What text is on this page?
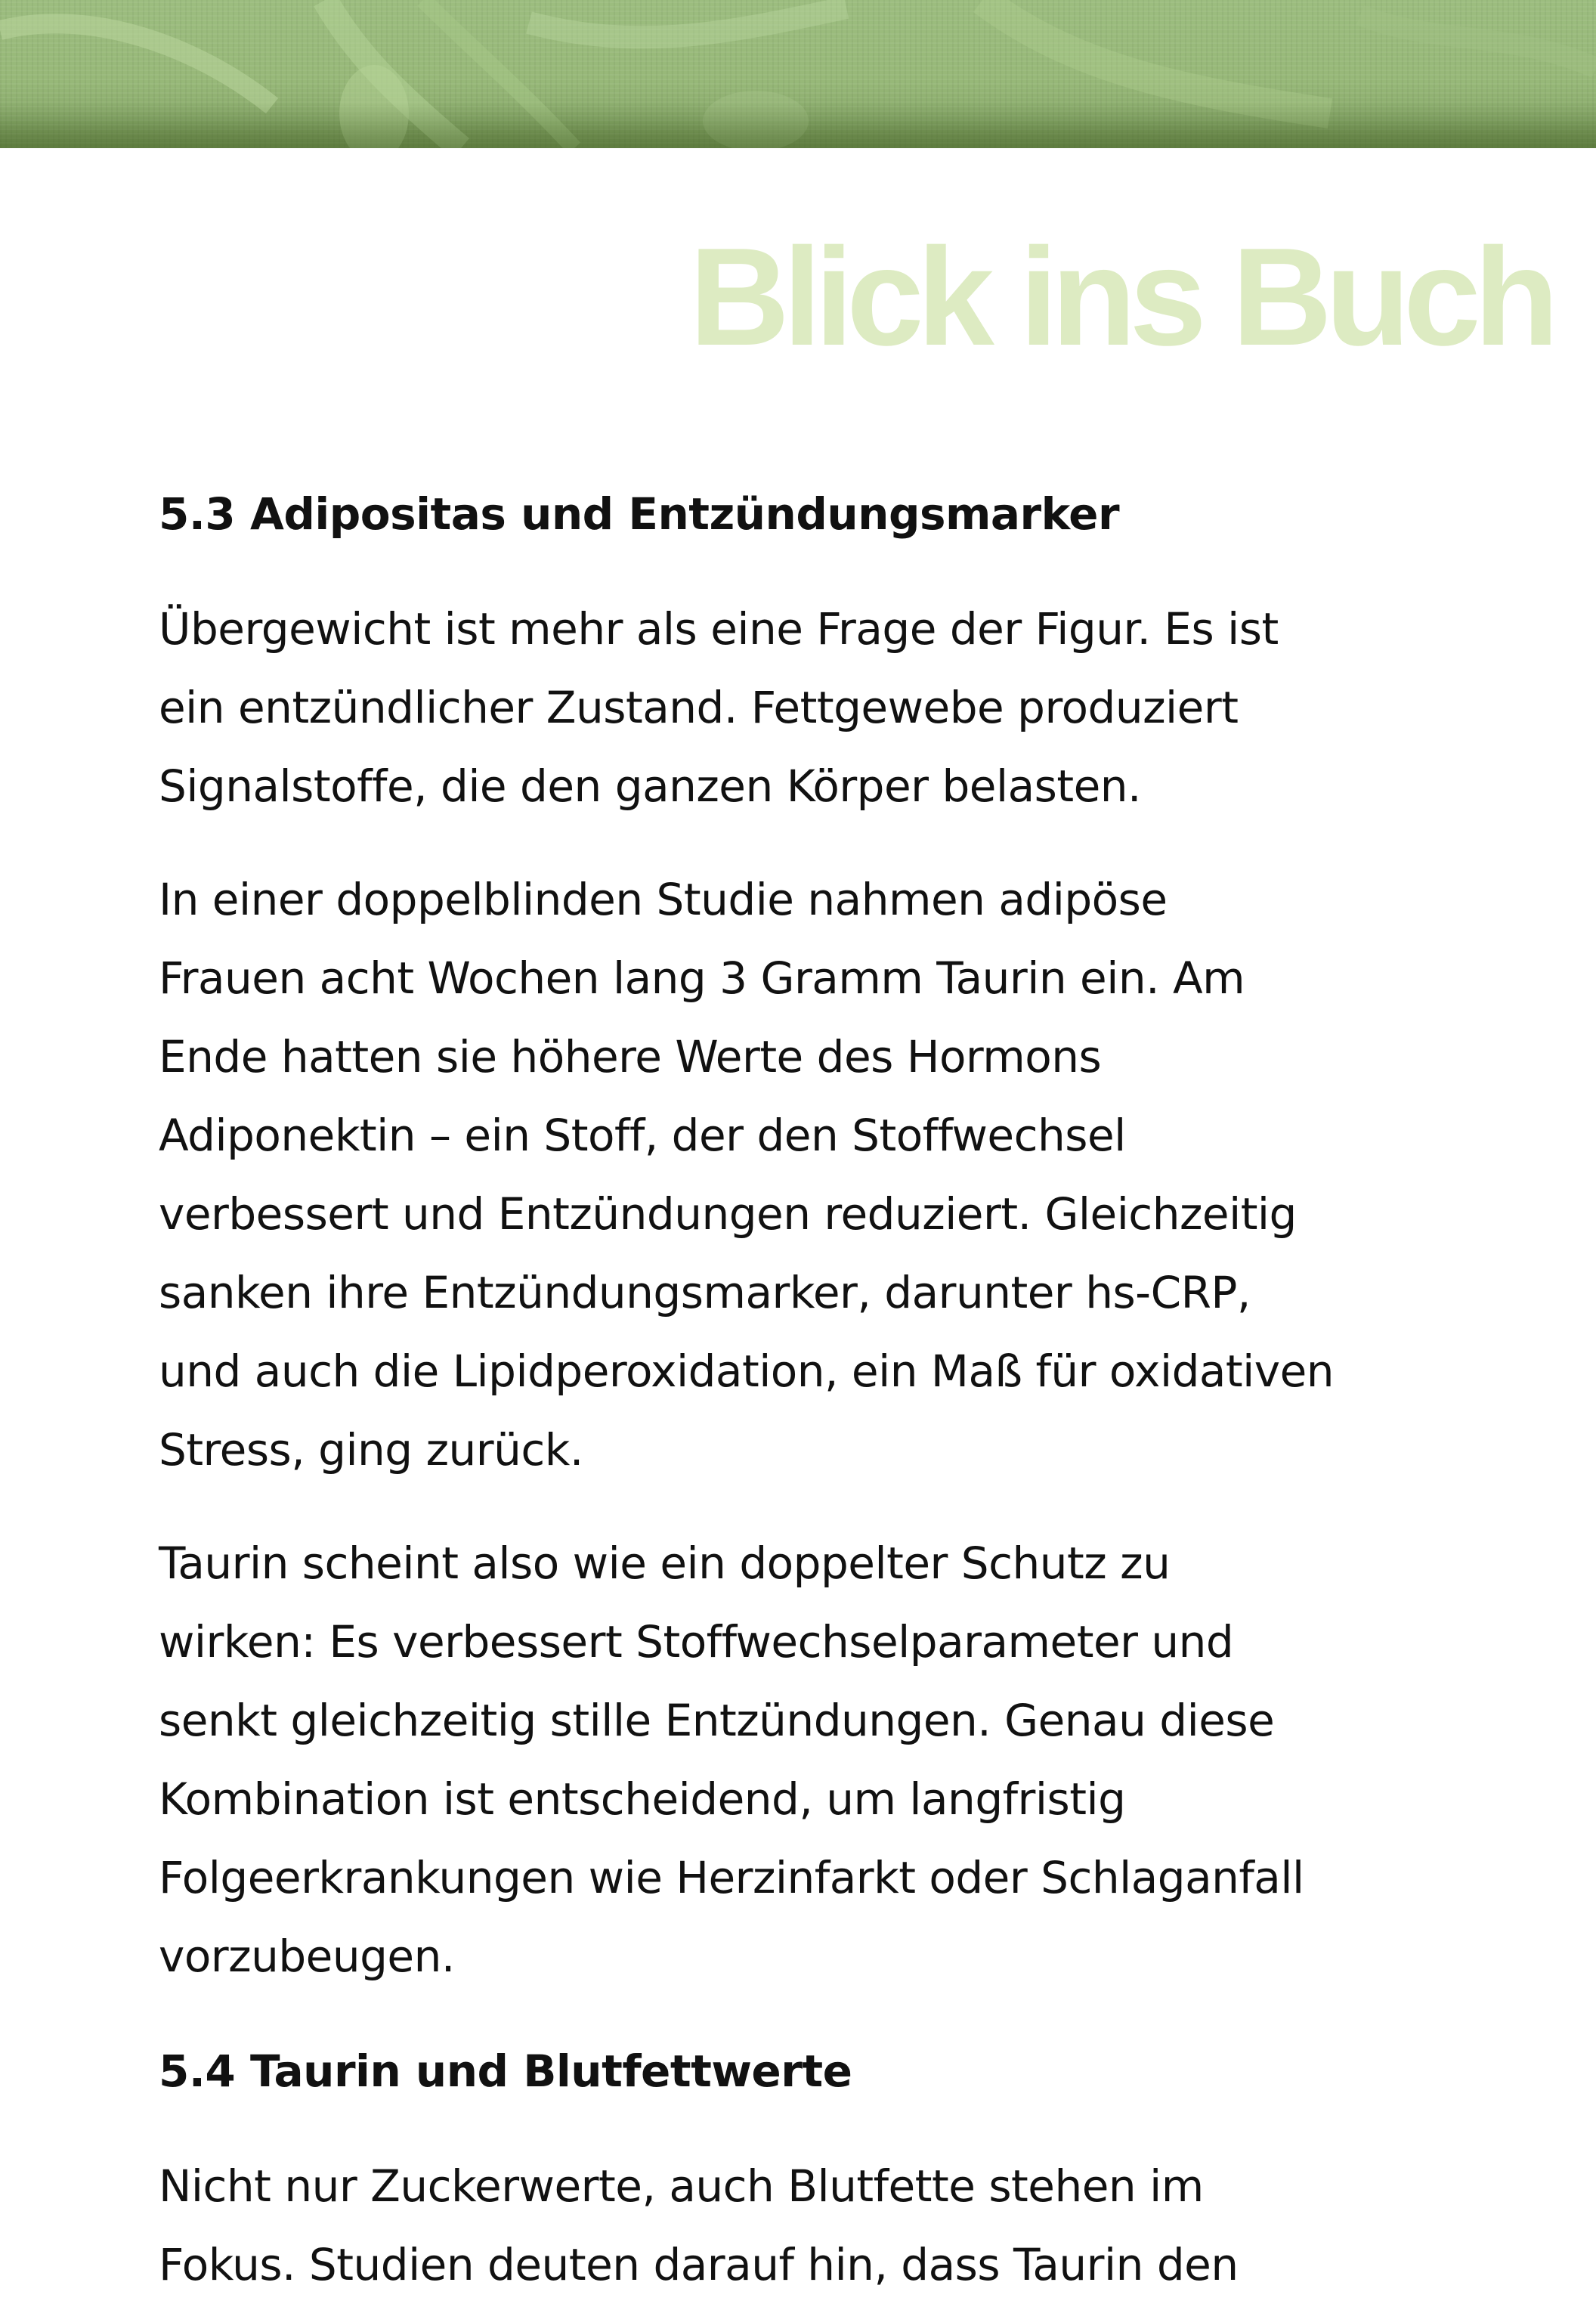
Blick ins Buch
5.3 Adipositas und Entzündungsmarker

Übergewicht ist mehr als eine Frage der Figur. Es ist
ein entzündlicher Zustand. Fettgewebe produziert
Signalstoffe, die den ganzen Körper belasten.

In einer doppelblinden Studie nahmen adipöse
Frauen acht Wochen lang 3 Gramm Taurin ein. Am
Ende hatten sie höhere Werte des Hormons
Adiponektin – ein Stoff, der den Stoffwechsel
verbessert und Entzündungen reduziert. Gleichzeitig
sanken ihre Entzündungsmarker, darunter hs-CRP,
und auch die Lipidperoxidation, ein Maß für oxidativen
Stress, ging zurück.

Taurin scheint also wie ein doppelter Schutz zu
wirken: Es verbessert Stoffwechselparameter und
senkt gleichzeitig stille Entzündungen. Genau diese
Kombination ist entscheidend, um langfristig
Folgeerkrankungen wie Herzinfarkt oder Schlaganfall
vorzubeugen.

5.4 Taurin und Blutfettwerte

Nicht nur Zuckerwerte, auch Blutfette stehen im
Fokus. Studien deuten darauf hin, dass Taurin den
